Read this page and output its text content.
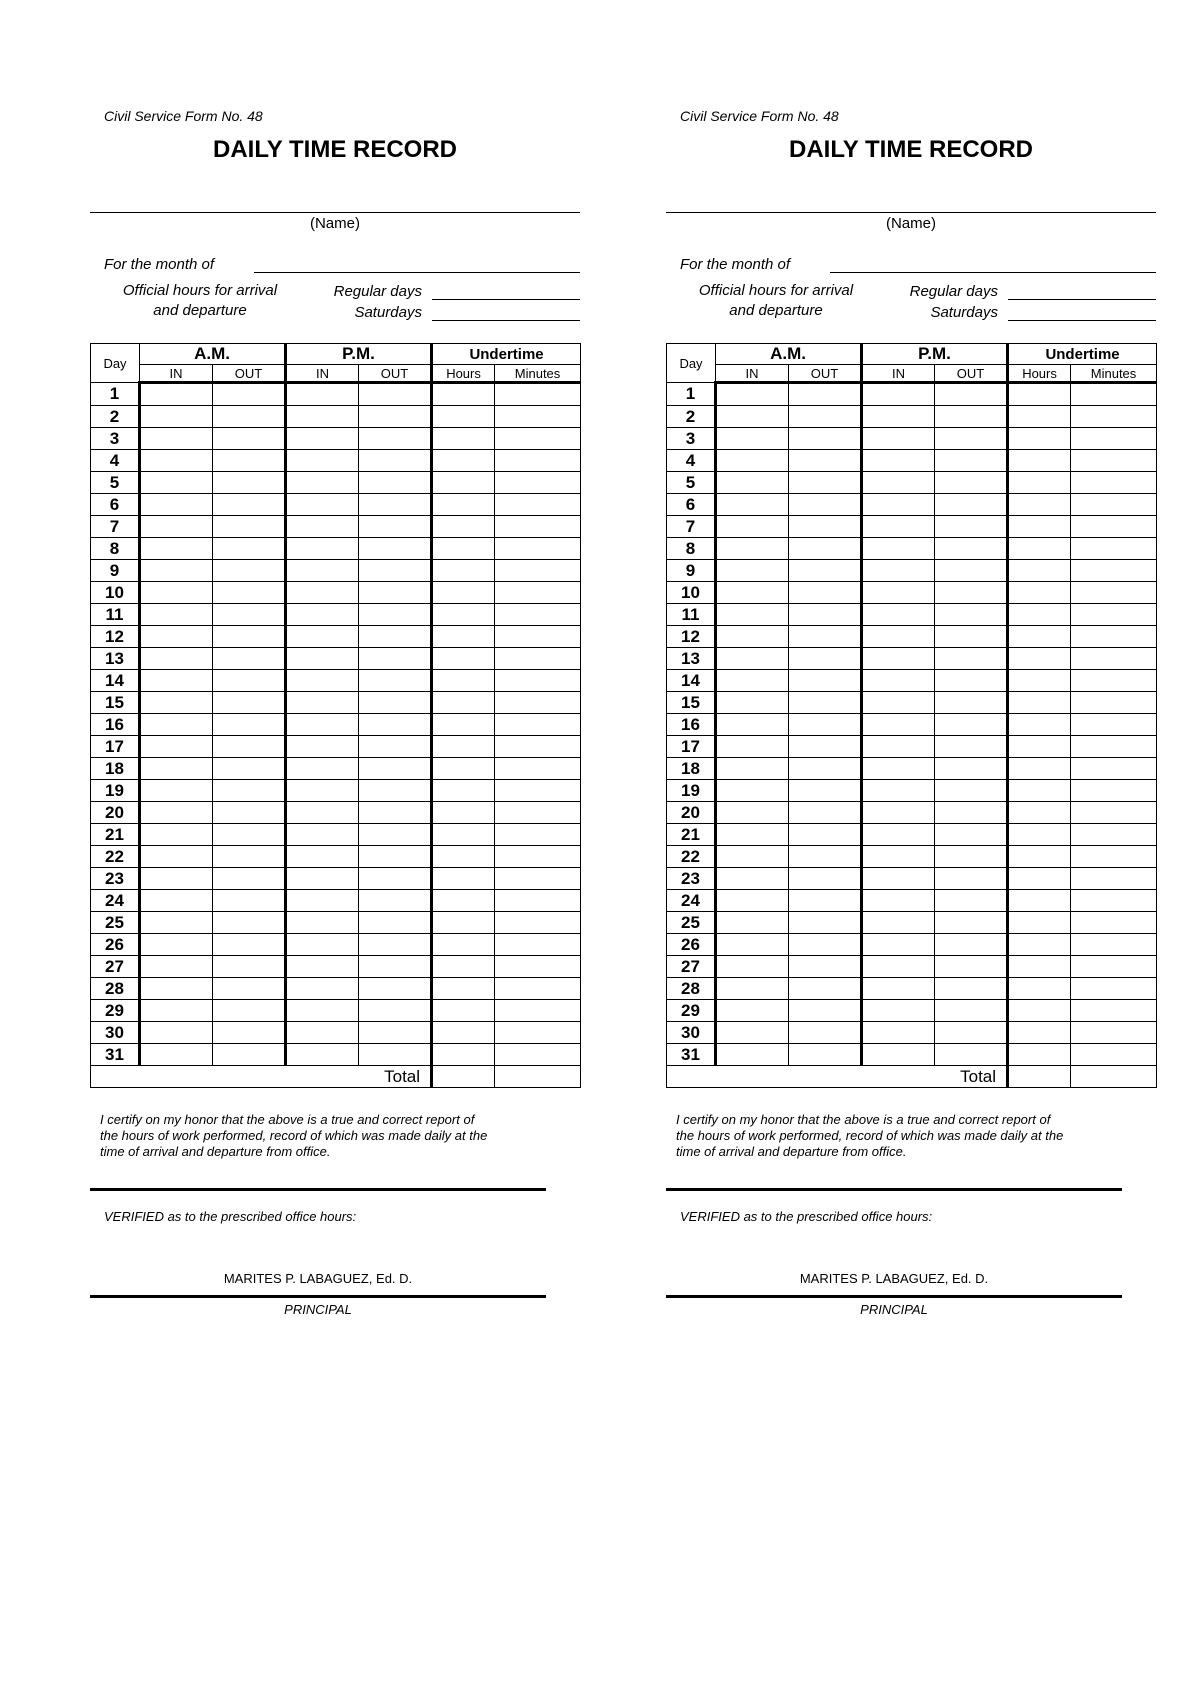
Civil Service Form No. 48
DAILY TIME RECORD
(Name)
For the month of
Official hours for arrival
and departure
Regular days
Saturdays
Day	A.M.		P.M.		Undertime	
	IN	OUT	IN	OUT	Hours	Minutes
1						
2						
3						
4						
5						
6						
7						
8						
9						
10						
11						
12						
13						
14						
15						
16						
17						
18						
19						
20						
21						
22						
23						
24						
25						
26						
27						
28						
29						
30						
31						
Total						
I certify on my honor that the above is a true and correct report of
the hours of work performed, record of which was made daily at the
time of arrival and departure from office.
VERIFIED as to the prescribed office hours:
MARITES P. LABAGUEZ, Ed. D.
PRINCIPAL
Civil Service Form No. 48
DAILY TIME RECORD
(Name)
For the month of
Official hours for arrival
and departure
Regular days
Saturdays
Day	A.M.		P.M.		Undertime	
	IN	OUT	IN	OUT	Hours	Minutes
1						
2						
3						
4						
5						
6						
7						
8						
9						
10						
11						
12						
13						
14						
15						
16						
17						
18						
19						
20						
21						
22						
23						
24						
25						
26						
27						
28						
29						
30						
31						
Total						
I certify on my honor that the above is a true and correct report of
the hours of work performed, record of which was made daily at the
time of arrival and departure from office.
VERIFIED as to the prescribed office hours:
MARITES P. LABAGUEZ, Ed. D.
PRINCIPAL
